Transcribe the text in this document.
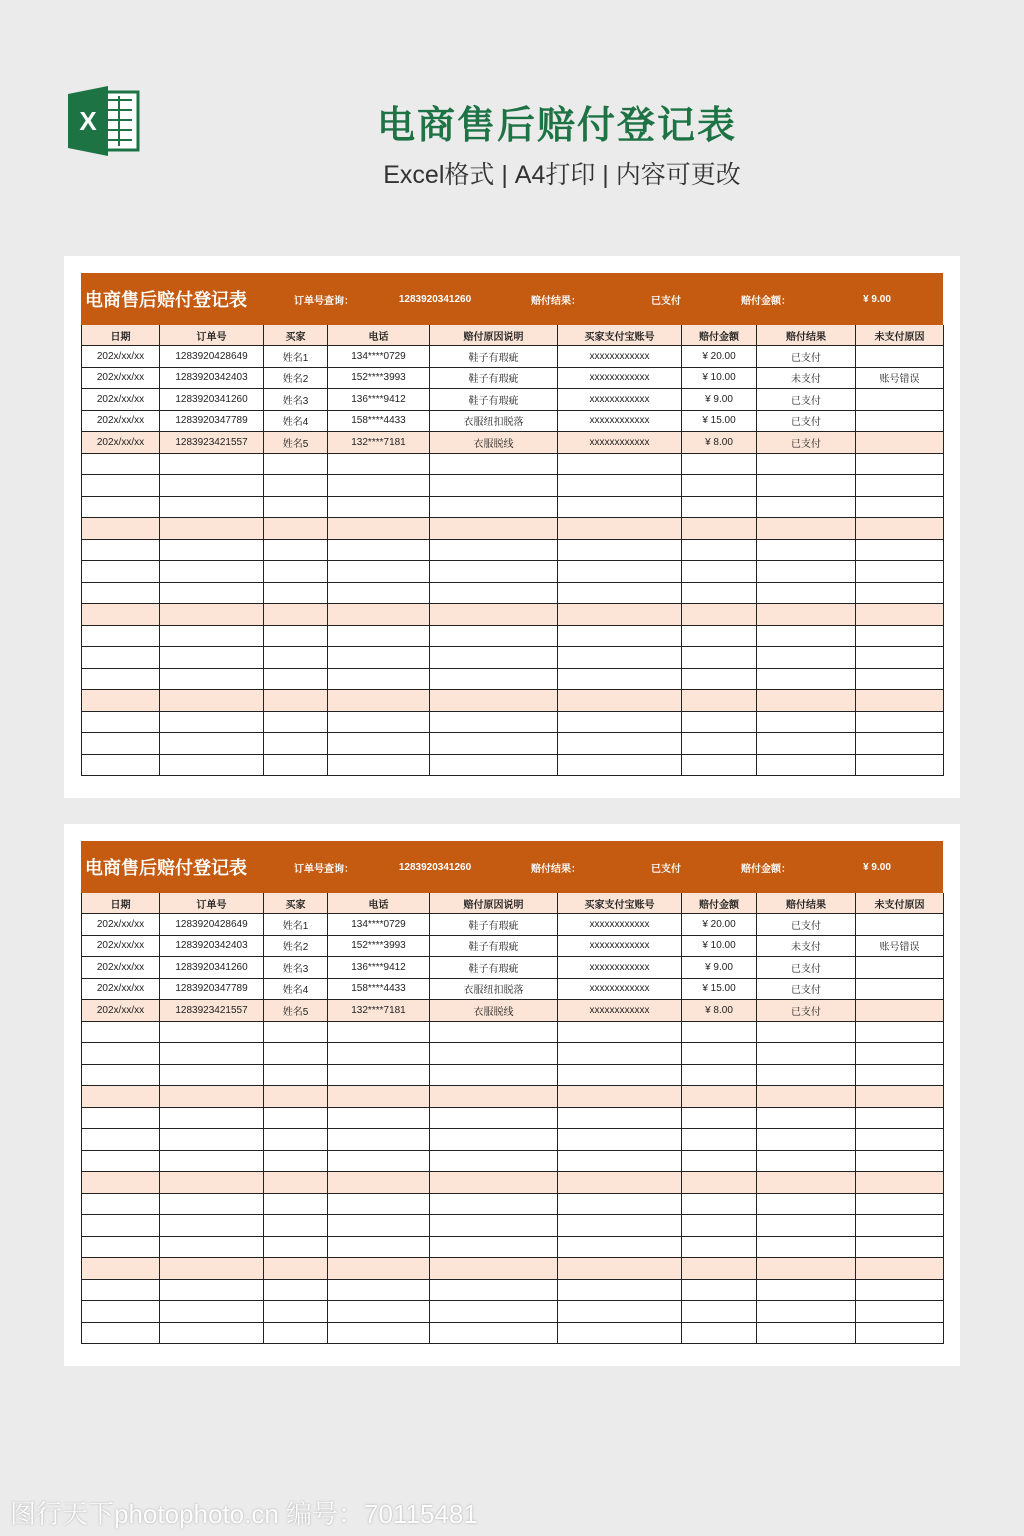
X	电商售后赔付登记表
Excel格式 | A4打印 | 内容可更改
电商售后赔付登记表	订单号查询：	1283920341260	赔付结果：	已支付	赔付金额：	¥ 9.00
日期	订单号	买家	电话	赔付原因说明	买家支付宝账号	赔付金额	赔付结果	未支付原因
202x/xx/xx	1283920428649	姓名1	134****0729	鞋子有瑕疵	xxxxxxxxxxxx	¥ 20.00	已支付	
202x/xx/xx	1283920342403	姓名2	152****3993	鞋子有瑕疵	xxxxxxxxxxxx	¥ 10.00	未支付	账号错误
202x/xx/xx	1283920341260	姓名3	136****9412	鞋子有瑕疵	xxxxxxxxxxxx	¥ 9.00	已支付	
202x/xx/xx	1283920347789	姓名4	158****4433	衣服纽扣脱落	xxxxxxxxxxxx	¥ 15.00	已支付	
202x/xx/xx	1283923421557	姓名5	132****7181	衣服脱线	xxxxxxxxxxxx	¥ 8.00	已支付	

电商售后赔付登记表	订单号查询：	1283920341260	赔付结果：	已支付	赔付金额：	¥ 9.00
日期	订单号	买家	电话	赔付原因说明	买家支付宝账号	赔付金额	赔付结果	未支付原因
202x/xx/xx	1283920428649	姓名1	134****0729	鞋子有瑕疵	xxxxxxxxxxxx	¥ 20.00	已支付	
202x/xx/xx	1283920342403	姓名2	152****3993	鞋子有瑕疵	xxxxxxxxxxxx	¥ 10.00	未支付	账号错误
202x/xx/xx	1283920341260	姓名3	136****9412	鞋子有瑕疵	xxxxxxxxxxxx	¥ 9.00	已支付	
202x/xx/xx	1283920347789	姓名4	158****4433	衣服纽扣脱落	xxxxxxxxxxxx	¥ 15.00	已支付	
202x/xx/xx	1283923421557	姓名5	132****7181	衣服脱线	xxxxxxxxxxxx	¥ 8.00	已支付	

图行天下photophoto.cn 编号：70115481
